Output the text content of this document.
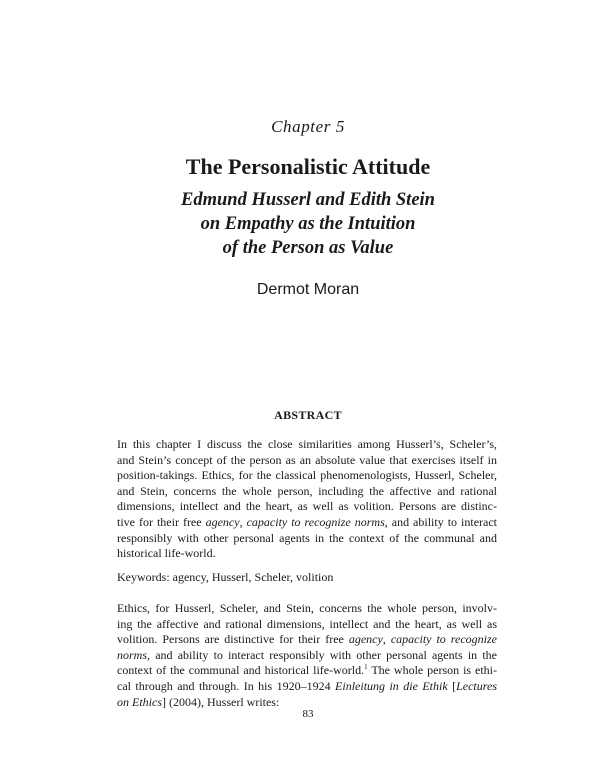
Chapter 5
The Personalistic Attitude
Edmund Husserl and Edith Stein
on Empathy as the Intuition
of the Person as Value
Dermot Moran
ABSTRACT
In this chapter I discuss the close similarities among Husserl’s, Scheler’s,
and Stein’s concept of the person as an absolute value that exercises itself in
position-takings. Ethics, for the classical phenomenologists, Husserl, Scheler,
and Stein, concerns the whole person, including the affective and rational
dimensions, intellect and the heart, as well as volition. Persons are distinc-
tive for their free agency, capacity to recognize norms, and ability to interact
responsibly with other personal agents in the context of the communal and
historical life-world.
Keywords: agency, Husserl, Scheler, volition
Ethics, for Husserl, Scheler, and Stein, concerns the whole person, involv-
ing the affective and rational dimensions, intellect and the heart, as well as
volition. Persons are distinctive for their free agency, capacity to recognize
norms, and ability to interact responsibly with other personal agents in the
context of the communal and historical life-world.$^1$ The whole person is ethi-
cal through and through. In his 1920–1924 Einleitung in die Ethik [Lectures
on Ethics] (2004), Husserl writes:
83
